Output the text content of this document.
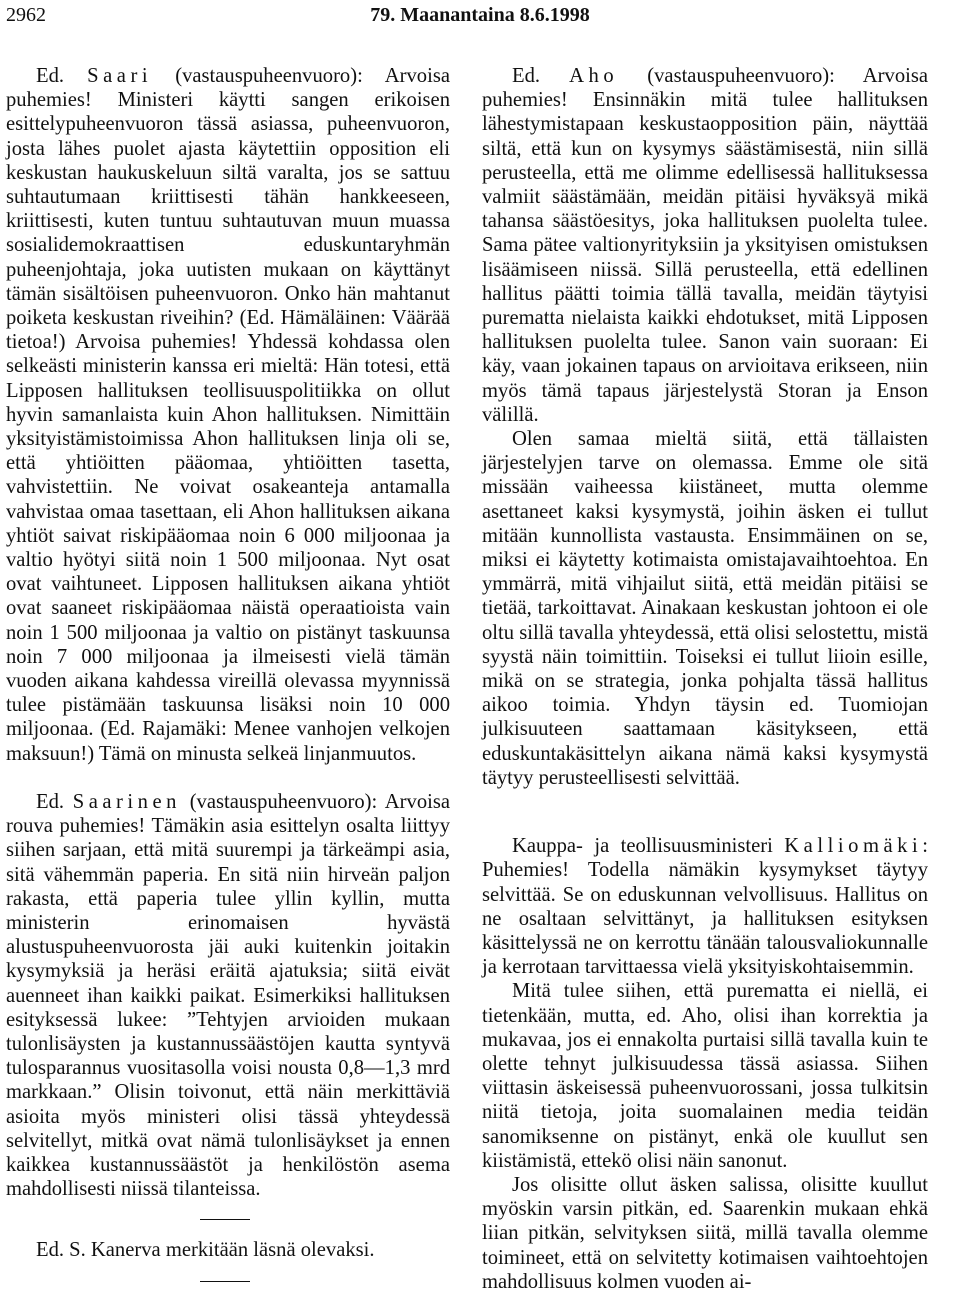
2962	79. Maanantaina 8.6.1998

Ed. Saari (vastauspuheenvuoro): Arvoisa puhemies! Ministeri käytti sangen erikoisen esittelypuheenvuoron tässä asiassa, puheenvuoron, josta lähes puolet ajasta käytettiin opposition eli keskustan haukuskeluun siltä varalta, jos se sattuu suhtautumaan kriittisesti tähän hankkeeseen, kriittisesti, kuten tuntuu suhtautuvan muun muassa sosialidemokraattisen eduskuntaryhmän puheenjohtaja, joka uutisten mukaan on käyttänyt tämän sisältöisen puheenvuoron. Onko hän mahtanut poiketa keskustan riveihin? (Ed. Hämäläinen: Väärää tietoa!) Arvoisa puhemies! Yhdessä kohdassa olen selkeästi ministerin kanssa eri mieltä: Hän totesi, että Lipposen hallituksen teollisuuspolitiikka on ollut hyvin samanlaista kuin Ahon hallituksen. Nimittäin yksityistämistoimissa Ahon hallituksen linja oli se, että yhtiöitten pääomaa, yhtiöitten tasetta, vahvistettiin. Ne voivat osakeanteja antamalla vahvistaa omaa tasettaan, eli Ahon hallituksen aikana yhtiöt saivat riskipääomaa noin 6 000 miljoonaa ja valtio hyötyi siitä noin 1 500 miljoonaa. Nyt osat ovat vaihtuneet. Lipposen hallituksen aikana yhtiöt ovat saaneet riskipääomaa näistä operaatioista vain noin 1 500 miljoonaa ja valtio on pistänyt taskuunsa noin 7 000 miljoonaa ja ilmeisesti vielä tämän vuoden aikana kahdessa vireillä olevassa myynnissä tulee pistämään taskuunsa lisäksi noin 10 000 miljoonaa. (Ed. Rajamäki: Menee vanhojen velkojen maksuun!) Tämä on minusta selkeä linjanmuutos.

Ed. Saarinen (vastauspuheenvuoro): Arvoisa rouva puhemies! Tämäkin asia esittelyn osalta liittyy siihen sarjaan, että mitä suurempi ja tärkeämpi asia, sitä vähemmän paperia. En sitä niin hirveän paljon rakasta, että paperia tulee yllin kyllin, mutta ministerin erinomaisen hyvästä alustuspuheenvuorosta jäi auki kuitenkin joitakin kysymyksiä ja heräsi eräitä ajatuksia; siitä eivät auenneet ihan kaikki paikat. Esimerkiksi hallituksen esityksessä lukee: ”Tehtyjen arvioiden mukaan tulonlisäysten ja kustannussäästöjen kautta syntyvä tulosparannus vuositasolla voisi nousta 0,8—1,3 mrd markkaan.” Olisin toivonut, että näin merkittäviä asioita myös ministeri olisi tässä yhteydessä selvitellyt, mitkä ovat nämä tulonlisäykset ja ennen kaikkea kustannussäästöt ja henkilöstön asema mahdollisesti niissä tilanteissa.

Ed. S. Kanerva merkitään läsnä olevaksi.

Ed. Aho (vastauspuheenvuoro): Arvoisa puhemies! Ensinnäkin mitä tulee hallituksen lähestymistapaan keskustaopposition päin, näyttää siltä, että kun on kysymys säästämisestä, niin sillä perusteella, että me olimme edellisessä hallituksessa valmiit säästämään, meidän pitäisi hyväksyä mikä tahansa säästöesitys, joka hallituksen puolelta tulee. Sama pätee valtionyrityksiin ja yksityisen omistuksen lisäämiseen niissä. Sillä perusteella, että edellinen hallitus päätti toimia tällä tavalla, meidän täytyisi purematta nielaista kaikki ehdotukset, mitä Lipposen hallituksen puolelta tulee. Sanon vain suoraan: Ei käy, vaan jokainen tapaus on arvioitava erikseen, niin myös tämä tapaus järjestelystä Storan ja Enson välillä.

Olen samaa mieltä siitä, että tällaisten järjestelyjen tarve on olemassa. Emme ole sitä missään vaiheessa kiistäneet, mutta olemme asettaneet kaksi kysymystä, joihin äsken ei tullut mitään kunnollista vastausta. Ensimmäinen on se, miksi ei käytetty kotimaista omistajavaihtoehtoa. En ymmärrä, mitä vihjailut siitä, että meidän pitäisi se tietää, tarkoittavat. Ainakaan keskustan johtoon ei ole oltu sillä tavalla yhteydessä, että olisi selostettu, mistä syystä näin toimittiin. Toiseksi ei tullut liioin esille, mikä on se strategia, jonka pohjalta tässä hallitus aikoo toimia. Yhdyn täysin ed. Tuomiojan julkisuuteen saattamaan käsitykseen, että eduskuntakäsittelyn aikana nämä kaksi kysymystä täytyy perusteellisesti selvittää.

Kauppa- ja teollisuusministeri Kalliomäki: Puhemies! Todella nämäkin kysymykset täytyy selvittää. Se on eduskunnan velvollisuus. Hallitus on ne osaltaan selvittänyt, ja hallituksen esityksen käsittelyssä ne on kerrottu tänään talousvaliokunnalle ja kerrotaan tarvittaessa vielä yksityiskohtaisemmin.

Mitä tulee siihen, että purematta ei niellä, ei tietenkään, mutta, ed. Aho, olisi ihan korrektia ja mukavaa, jos ei ennakolta purtaisi sillä tavalla kuin te olette tehnyt julkisuudessa tässä asiassa. Siihen viittasin äskeisessä puheenvuorossani, jossa tulkitsin niitä tietoja, joita suomalainen media teidän sanomiksenne on pistänyt, enkä ole kuullut sen kiistämistä, ettekö olisi näin sanonut.

Jos olisitte ollut äsken salissa, olisitte kuullut myöskin varsin pitkän, ed. Saarenkin mukaan ehkä liian pitkän, selvityksen siitä, millä tavalla olemme toimineet, että on selvitetty kotimaisen vaihtoehtojen mahdollisuus kolmen vuoden ai-
